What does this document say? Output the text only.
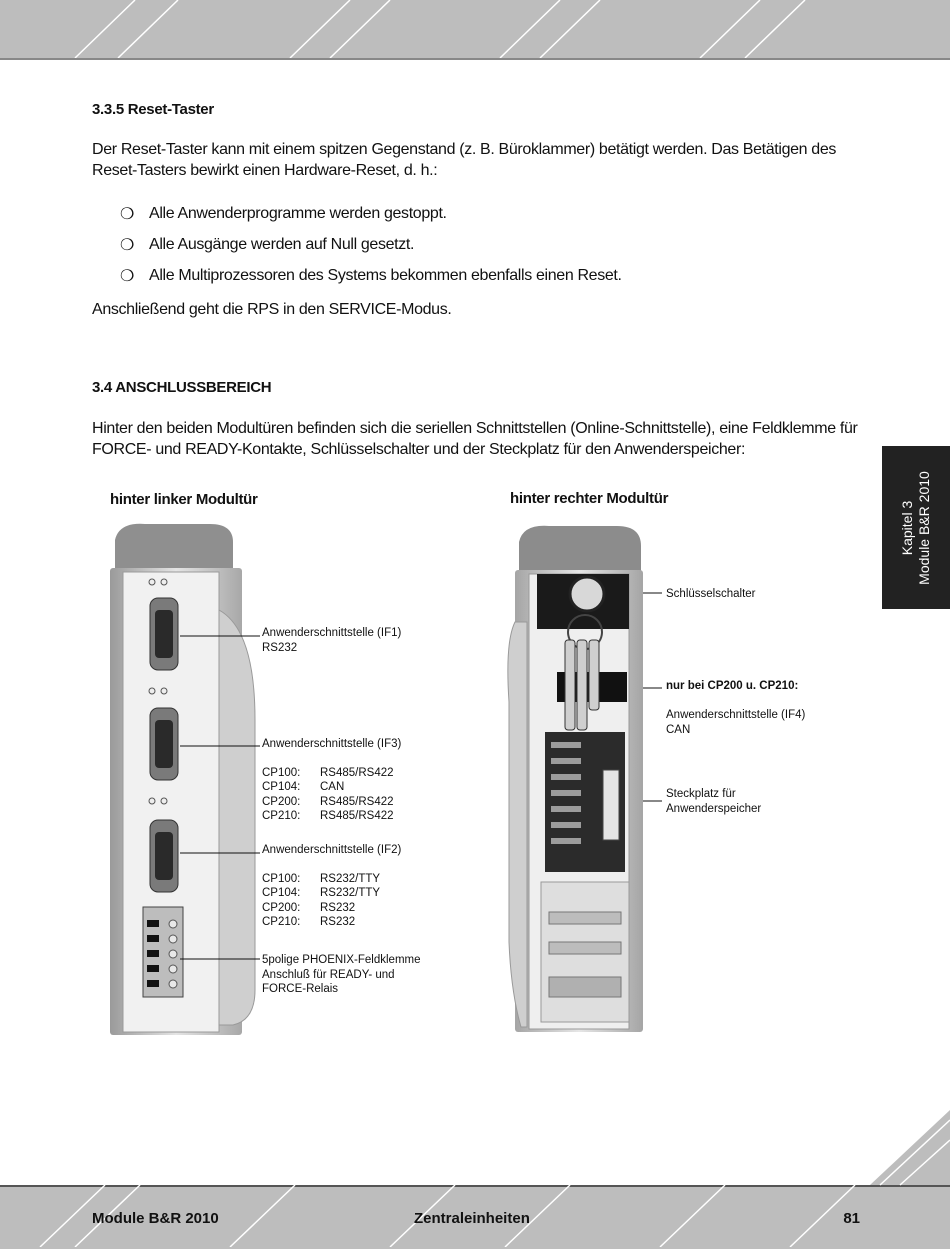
3.3.5 Reset-Taster

Der Reset-Taster kann mit einem spitzen Gegenstand (z. B. Büroklammer) betätigt werden. Das Betätigen des Reset-Tasters bewirkt einen Hardware-Reset, d. h.:

❍ Alle Anwenderprogramme werden gestoppt.
❍ Alle Ausgänge werden auf Null gesetzt.
❍ Alle Multiprozessoren des Systems bekommen ebenfalls einen Reset.

Anschließend geht die RPS in den SERVICE-Modus.

3.4 ANSCHLUSSBEREICH

Hinter den beiden Modultüren befinden sich die seriellen Schnittstellen (Online-Schnittstelle), eine Feldklemme für FORCE- und READY-Kontakte, Schlüsselschalter und der Steckplatz für den Anwenderspeicher:

Kapitel 3 Module B&R 2010
hinter linker Modultür
Anwenderschnittstelle (IF1)
RS232
Anwenderschnittstelle (IF3)
CP100: RS485/RS422
CP104: CAN
CP200: RS485/RS422
CP210: RS485/RS422
Anwenderschnittstelle (IF2)
CP100: RS232/TTY
CP104: RS232/TTY
CP200: RS232
CP210: RS232
5polige PHOENIX-Feldklemme
Anschluß für READY- und
FORCE-Relais
hinter rechter Modultür
Schlüsselschalter
nur bei CP200 u. CP210:
Anwenderschnittstelle (IF4)
CAN
Steckplatz für
Anwenderspeicher
Module B&R 2010	Zentraleinheiten	81
